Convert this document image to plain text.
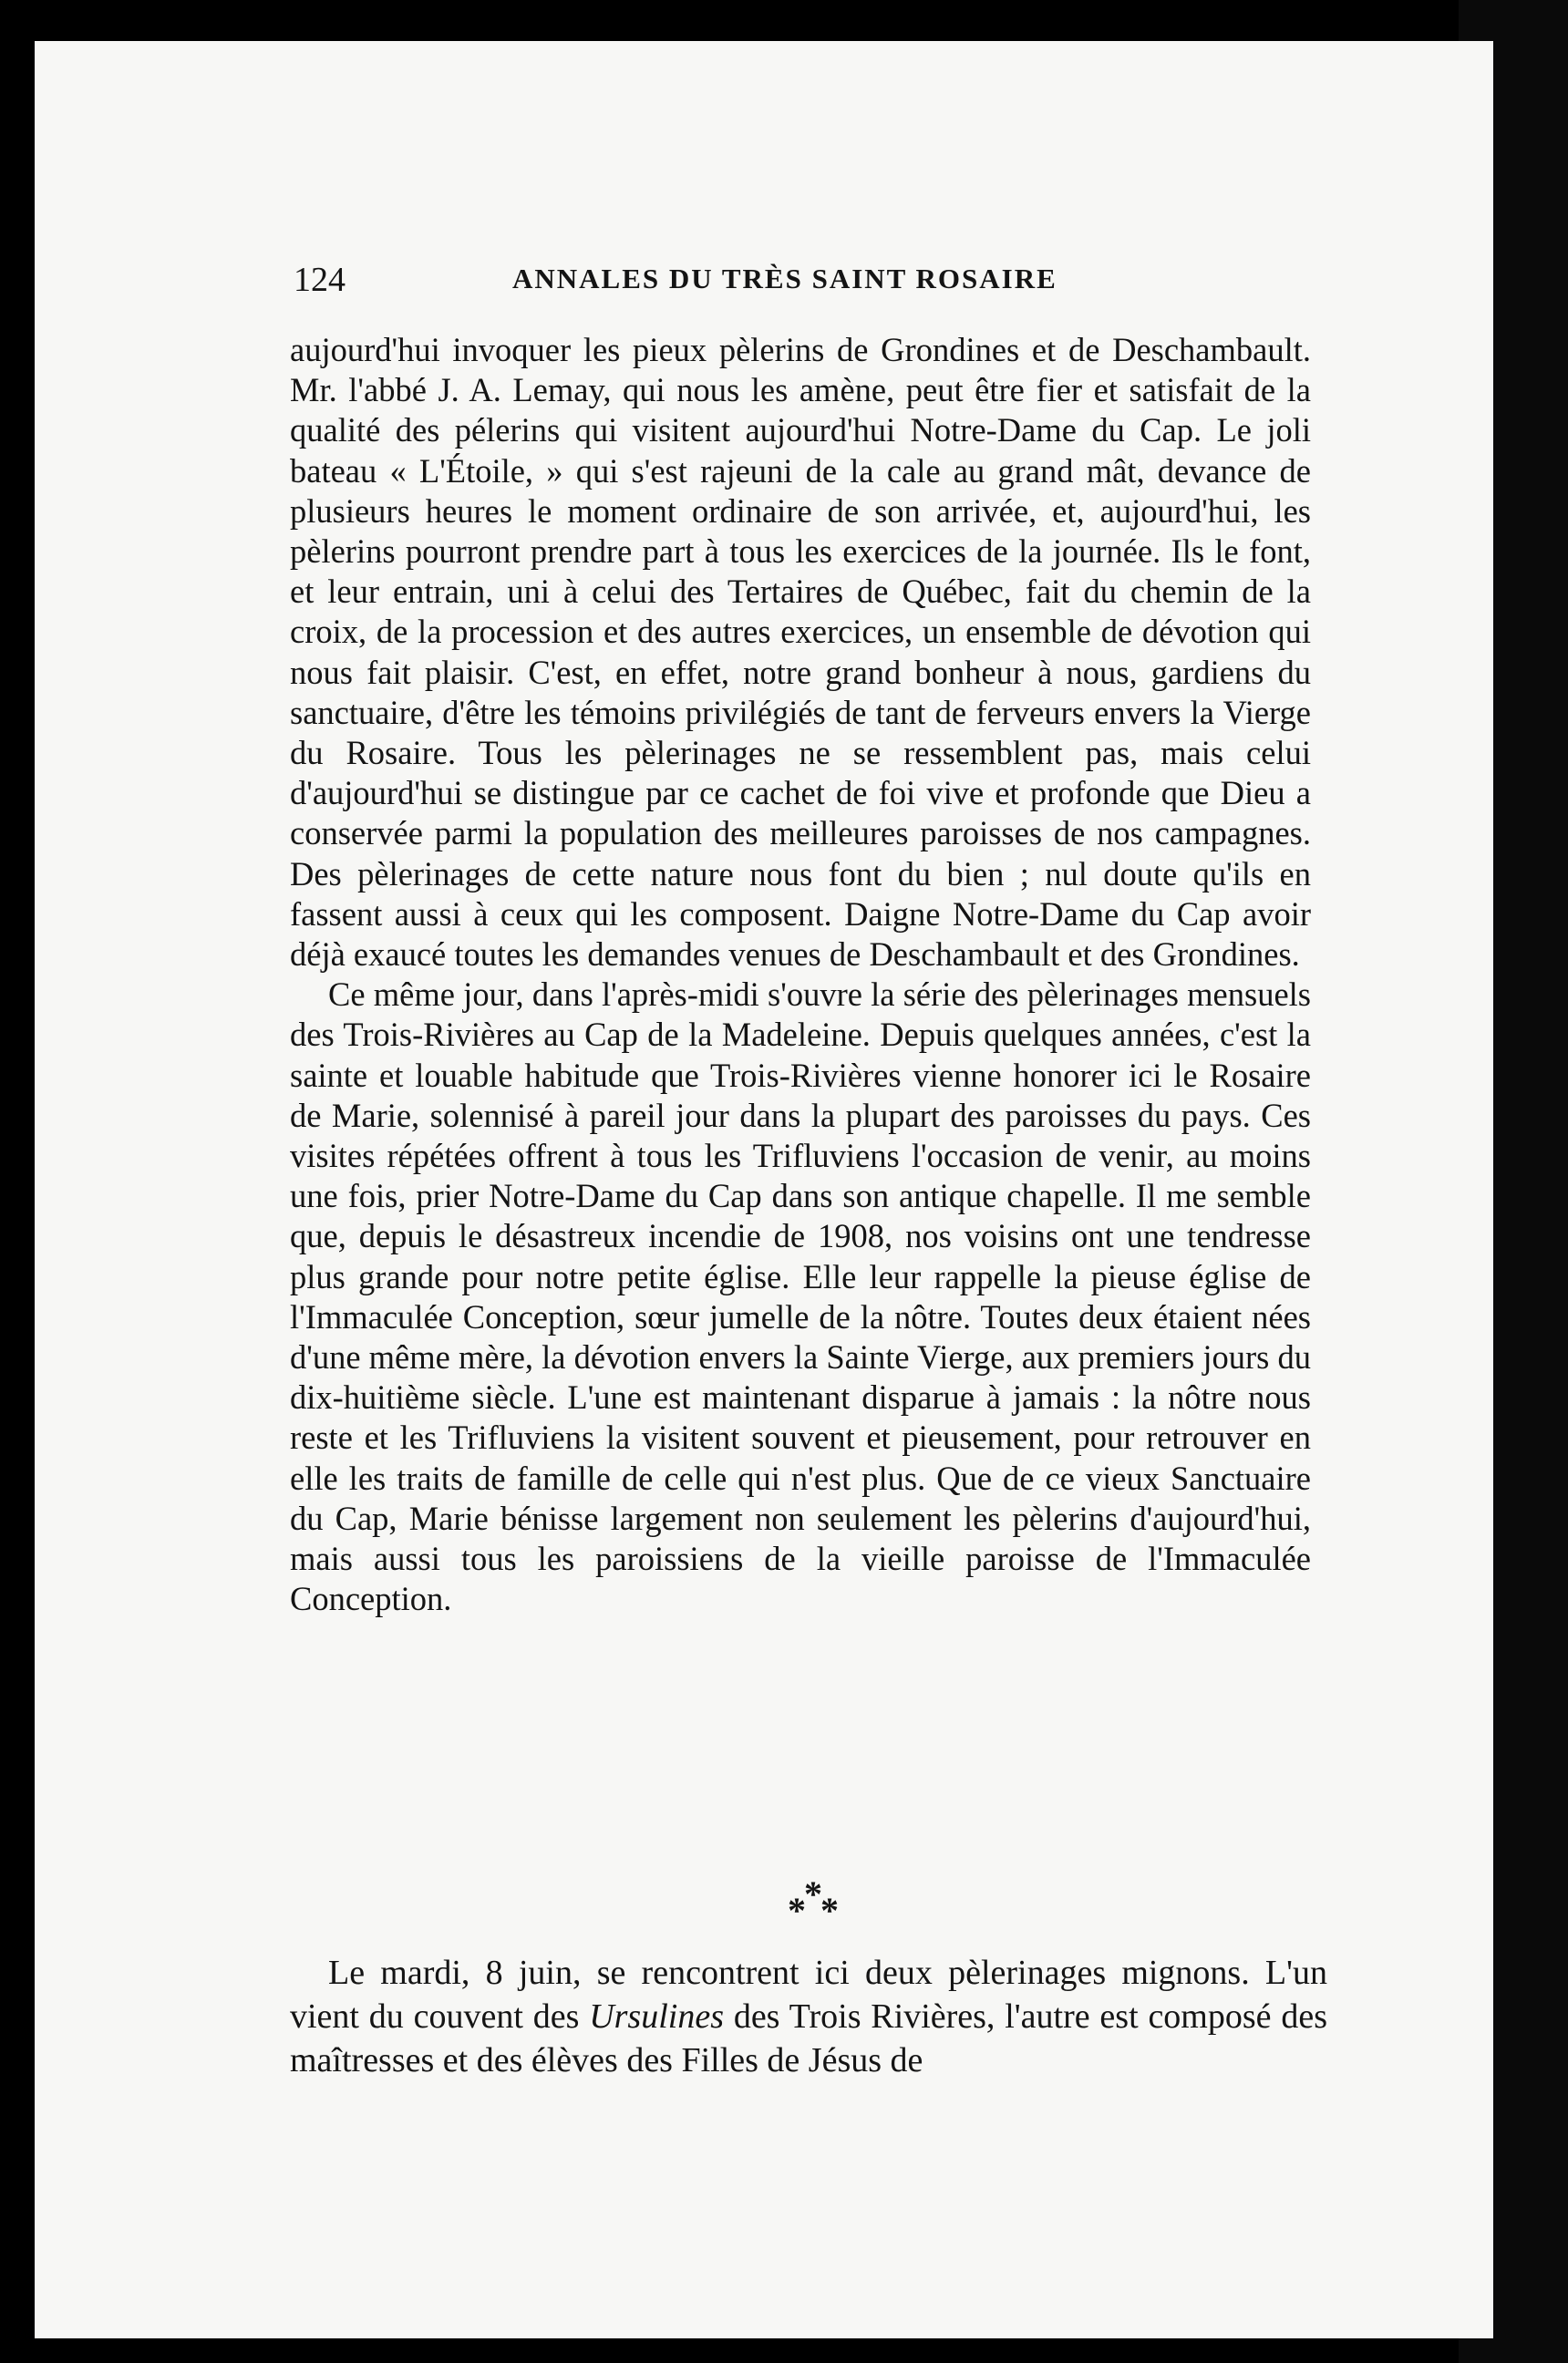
124	ANNALES DU TRÈS SAINT ROSAIRE

aujourd'hui invoquer les pieux pèlerins de Grondines et de Deschambault. Mr. l'abbé J. A. Lemay, qui nous les amène, peut être fier et satisfait de la qualité des pélerins qui visitent aujourd'hui Notre-Dame du Cap. Le joli bateau « L'Étoile, » qui s'est rajeuni de la cale au grand mât, devance de plusieurs heures le moment ordinaire de son arrivée, et, aujourd'hui, les pèlerins pourront prendre part à tous les exercices de la journée. Ils le font, et leur entrain, uni à celui des Tertaires de Québec, fait du chemin de la croix, de la procession et des autres exercices, un ensemble de dévotion qui nous fait plaisir. C'est, en effet, notre grand bonheur à nous, gardiens du sanctuaire, d'être les témoins privilégiés de tant de ferveurs envers la Vierge du Rosaire. Tous les pèlerinages ne se ressemblent pas, mais celui d'aujourd'hui se distingue par ce cachet de foi vive et profonde que Dieu a conservée parmi la population des meilleures paroisses de nos campagnes. Des pèlerinages de cette nature nous font du bien ; nul doute qu'ils en fassent aussi à ceux qui les composent. Daigne Notre-Dame du Cap avoir déjà exaucé toutes les demandes venues de Deschambault et des Grondines.

Ce même jour, dans l'après-midi s'ouvre la série des pèlerinages mensuels des Trois-Rivières au Cap de la Madeleine. Depuis quelques années, c'est la sainte et louable habitude que Trois-Rivières vienne honorer ici le Rosaire de Marie, solennisé à pareil jour dans la plupart des paroisses du pays. Ces visites répétées offrent à tous les Trifluviens l'occasion de venir, au moins une fois, prier Notre-Dame du Cap dans son antique chapelle. Il me semble que, depuis le désastreux incendie de 1908, nos voisins ont une tendresse plus grande pour notre petite église. Elle leur rappelle la pieuse église de l'Immaculée Conception, sœur jumelle de la nôtre. Toutes deux étaient nées d'une même mère, la dévotion envers la Sainte Vierge, aux premiers jours du dix-huitième siècle. L'une est maintenant disparue à jamais : la nôtre nous reste et les Trifluviens la visitent souvent et pieusement, pour retrouver en elle les traits de famille de celle qui n'est plus. Que de ce vieux Sanctuaire du Cap, Marie bénisse largement non seulement les pèlerins d'aujourd'hui, mais aussi tous les paroissiens de la vieille paroisse de l'Immaculée Conception.

*
*
*

Le mardi, 8 juin, se rencontrent ici deux pèlerinages mignons. L'un vient du couvent des Ursulines des Trois Rivières, l'autre est composé des maîtresses et des élèves des Filles de Jésus de
